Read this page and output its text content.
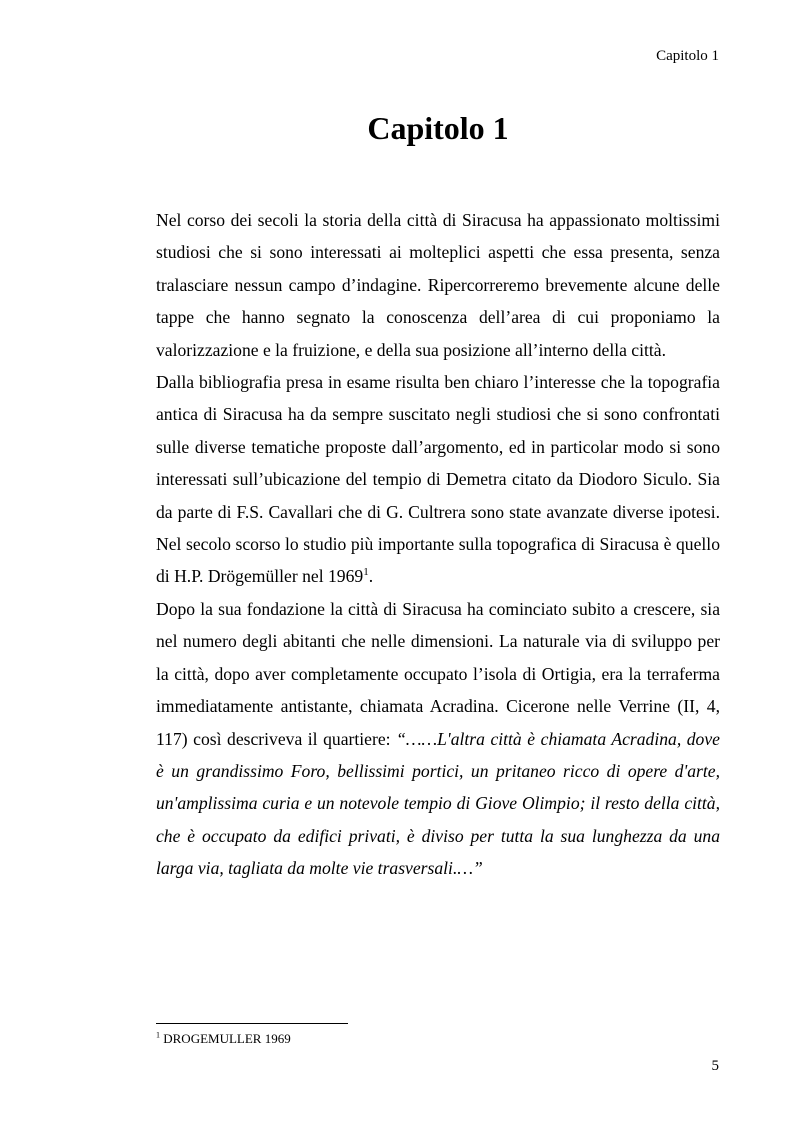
Capitolo 1
Capitolo 1

Nel corso dei secoli la storia della città di Siracusa ha appassionato moltissimi studiosi che si sono interessati ai molteplici aspetti che essa presenta, senza tralasciare nessun campo d’indagine. Ripercorreremo brevemente alcune delle tappe che hanno segnato la conoscenza dell’area di cui proponiamo la valorizzazione e la fruizione, e della sua posizione all’interno della città.

Dalla bibliografia presa in esame risulta ben chiaro l’interesse che la topografia antica di Siracusa ha da sempre suscitato negli studiosi che si sono confrontati sulle diverse tematiche proposte dall’argomento, ed in particolar modo si sono interessati sull’ubicazione del tempio di Demetra citato da Diodoro Siculo. Sia da parte di F.S. Cavallari che di G. Cultrera sono state avanzate diverse ipotesi. Nel secolo scorso lo studio più importante sulla topografica di Siracusa è quello di H.P. Drögemüller nel 1969$^1$.

Dopo la sua fondazione la città di Siracusa ha cominciato subito a crescere, sia nel numero degli abitanti che nelle dimensioni. La naturale via di sviluppo per la città, dopo aver completamente occupato l’isola di Ortigia, era la terraferma immediatamente antistante, chiamata Acradina. Cicerone nelle Verrine (II, 4, 117) così descriveva il quartiere: “……L'altra città è chiamata Acradina, dove è un grandissimo Foro, bellissimi portici, un pritaneo ricco di opere d'arte, un'amplissima curia e un notevole tempio di Giove Olimpio; il resto della città, che è occupato da edifici privati, è diviso per tutta la sua lunghezza da una larga via, tagliata da molte vie trasversali.…”

$^1$ DROGEMULLER 1969
5
